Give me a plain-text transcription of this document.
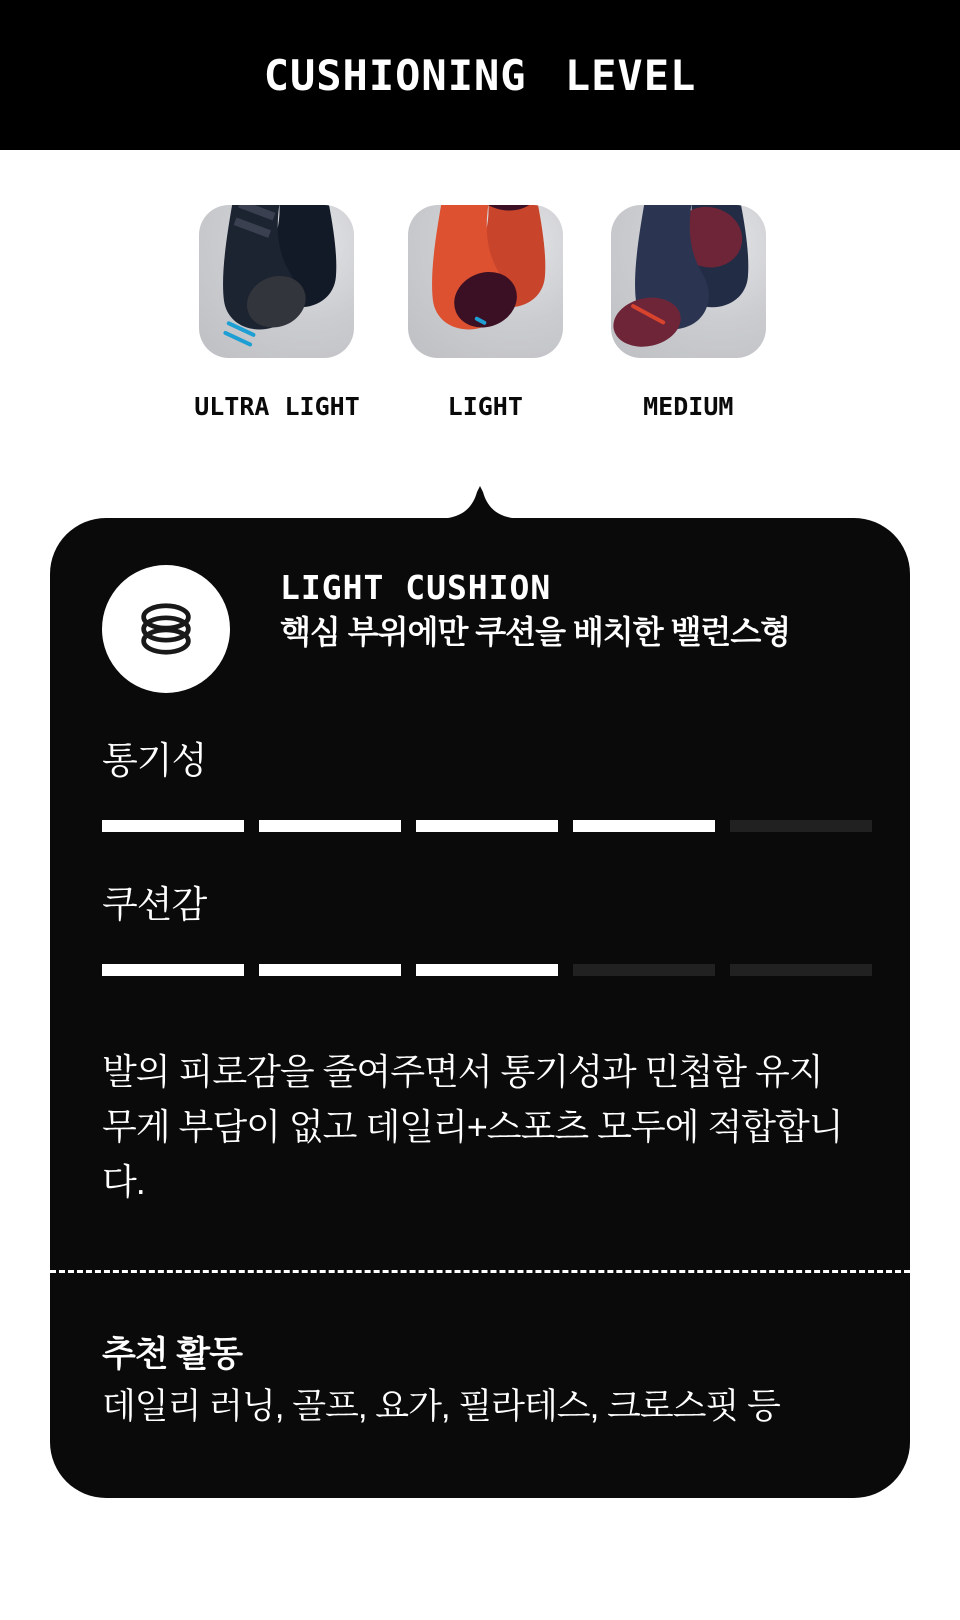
CUSHIONING LEVEL
ULTRA LIGHT	LIGHT	MEDIUM
LIGHT CUSHION
핵심 부위에만 쿠션을 배치한 밸런스형
통기성
쿠션감

발의 피로감을 줄여주면서 통기성과 민첩함 유지
무게 부담이 없고 데일리+스포츠 모두에 적합합니다.

추천 활동
데일리 러닝, 골프, 요가, 필라테스, 크로스핏 등
